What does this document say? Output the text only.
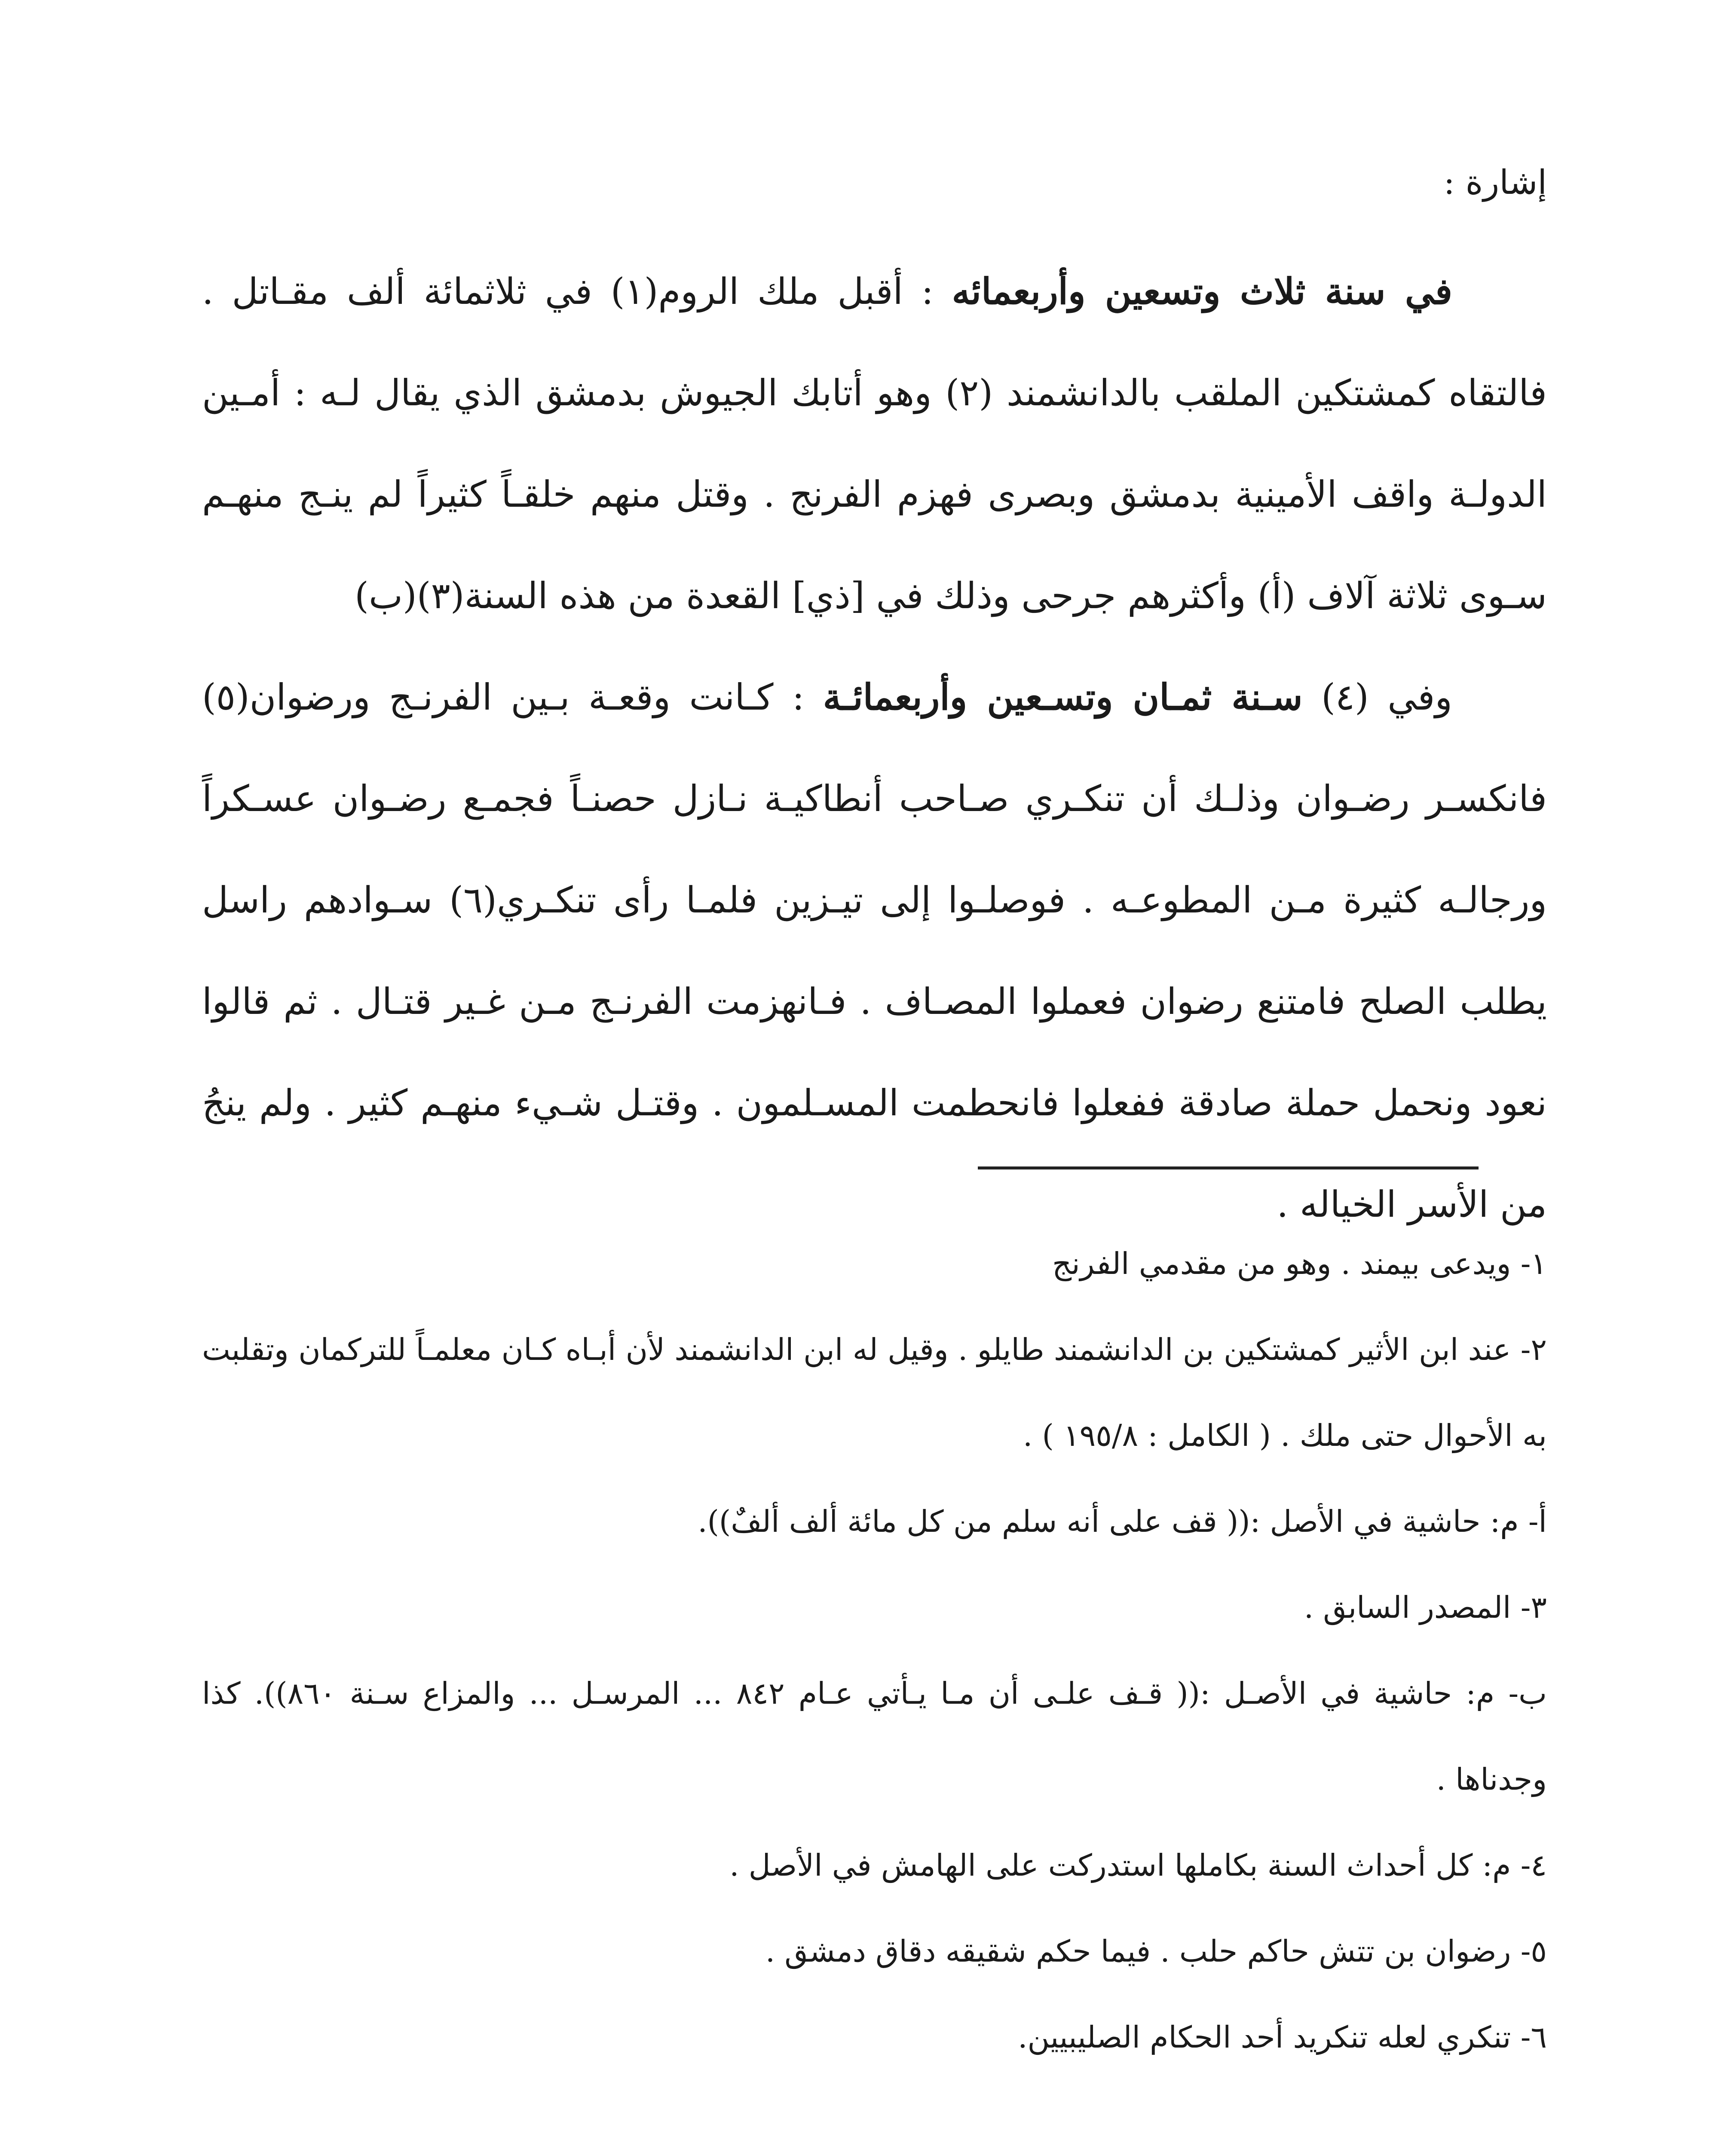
إشارة :

في سنة ثلاث وتسعين وأربعمائه : أقبل ملك الروم(١) في ثلاثمائة ألف مقـاتل . فالتقاه كمشتكين الملقب بالدانشمند (٢) وهو أتابك الجيوش بدمشق الذي يقال لـه : أمـين الدولـة واقف الأمينية بدمشق وبصرى فهزم الفرنج . وقتل منهم خلقـاً كثيراً لم ينـج منهـم سـوى ثلاثة آلاف (أ) وأكثرهم جرحى وذلك في [ذي] القعدة من هذه السنة(٣)(ب)

وفي (٤) سـنة ثمـان وتسـعين وأربعمائـة : كـانت وقعـة بـين الفرنـج ورضوان(٥) فانكسـر رضـوان وذلـك أن تنكـري صـاحب أنطاكيـة نـازل حصنـاً فجمـع رضـوان عسـكراً ورجالـه كثيرة مـن المطوعـه . فوصلـوا إلى تيـزين فلمـا رأى تنكـري(٦) سـوادهم راسل يطلب الصلح فامتنع رضوان فعملوا المصـاف . فـانهزمت الفرنـج مـن غـير قتـال . ثم قالوا نعود ونحمل حملة صادقة ففعلوا فانحطمت المسـلمون . وقتـل شـيء منهـم كثير . ولم ينجُ من الأسر الخياله .

١- ويدعى بيمند . وهو من مقدمي الفرنج
٢- عند ابن الأثير كمشتكين بن الدانشمند طايلو . وقيل له ابن الدانشمند لأن أبـاه كـان معلمـاً للتركمان وتقلبت به الأحوال حتى ملك . ( الكامل : ١٩٥/٨ ) .
أ- م: حاشية في الأصل :(( قف على أنه سلم من كل مائة ألف ألفٌ)).
٣- المصدر السابق .
ب- م: حاشية في الأصـل :(( قـف علـى أن مـا يـأتي عـام ٨٤٢ ... المرسـل ... والمزاع سـنة ٨٦٠)). كذا وجدناها .
٤- م: كل أحداث السنة بكاملها استدركت على الهامش في الأصل .
٥- رضوان بن تتش حاكم حلب . فيما حكم شقيقه دقاق دمشق .
٦- تنكري لعله تنكريد أحد الحكام الصليبيين.
